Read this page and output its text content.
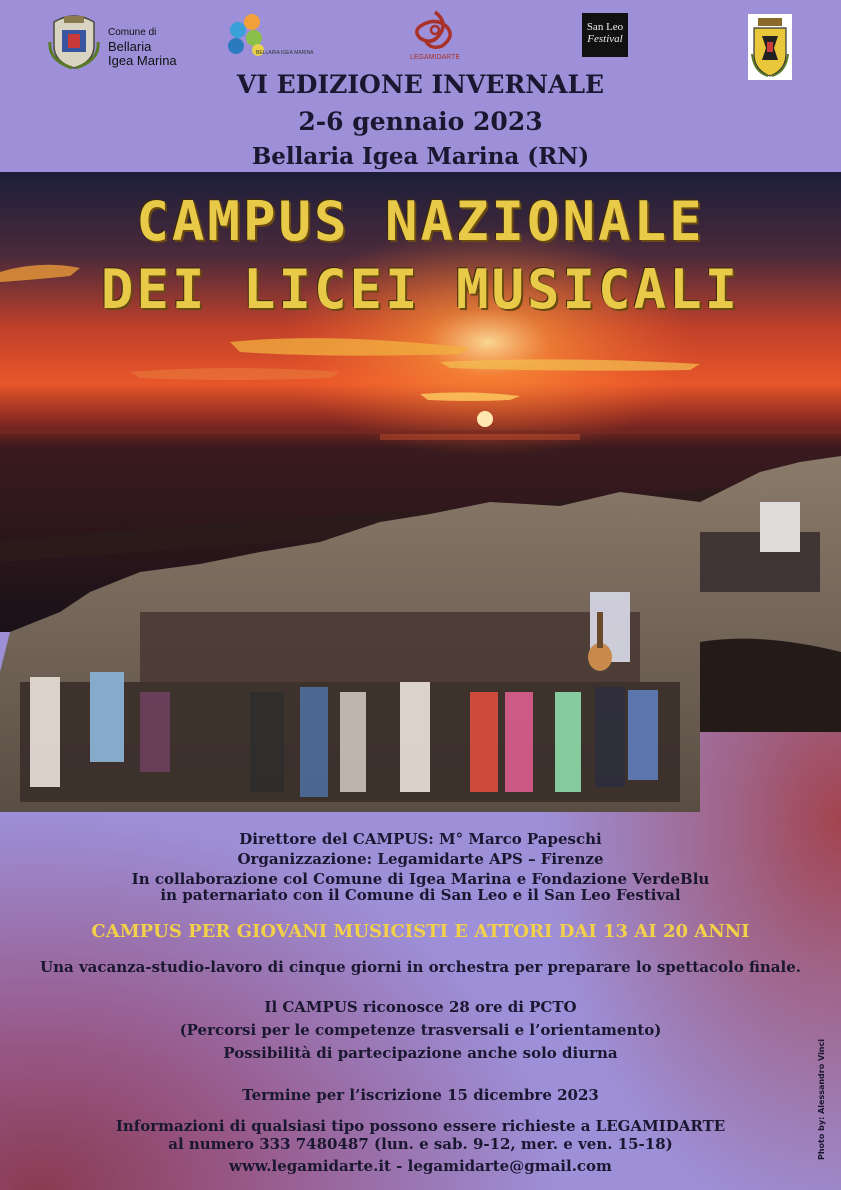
Comune di
Bellaria
Igea Marina	BELLARIA IGEA MARINA
LEGAMIDARTE
San Leo
Festival
VI EDIZIONE INVERNALE
2-6 gennaio 2023
Bellaria Igea Marina (RN)
CAMPUS NAZIONALE
DEI LICEI MUSICALI
Direttore del CAMPUS: M° Marco Papeschi
Organizzazione: Legamidarte APS – Firenze
In collaborazione col Comune di Igea Marina e Fondazione VerdeBlu
in paternariato con il Comune di San Leo e il San Leo Festival
CAMPUS PER GIOVANI MUSICISTI E ATTORI DAI 13 AI 20 ANNI
Una vacanza-studio-lavoro di cinque giorni in orchestra per preparare lo spettacolo finale.
Il CAMPUS riconosce 28 ore di PCTO
(Percorsi per le competenze trasversali e l’orientamento)
Possibilità di partecipazione anche solo diurna
Termine per l’iscrizione 15 dicembre 2023
Informazioni di qualsiasi tipo possono essere richieste a LEGAMIDARTE
al numero 333 7480487 (lun. e sab. 9-12, mer. e ven. 15-18)
www.legamidarte.it - legamidarte@gmail.com
Photo by: Alessandro Vinci
